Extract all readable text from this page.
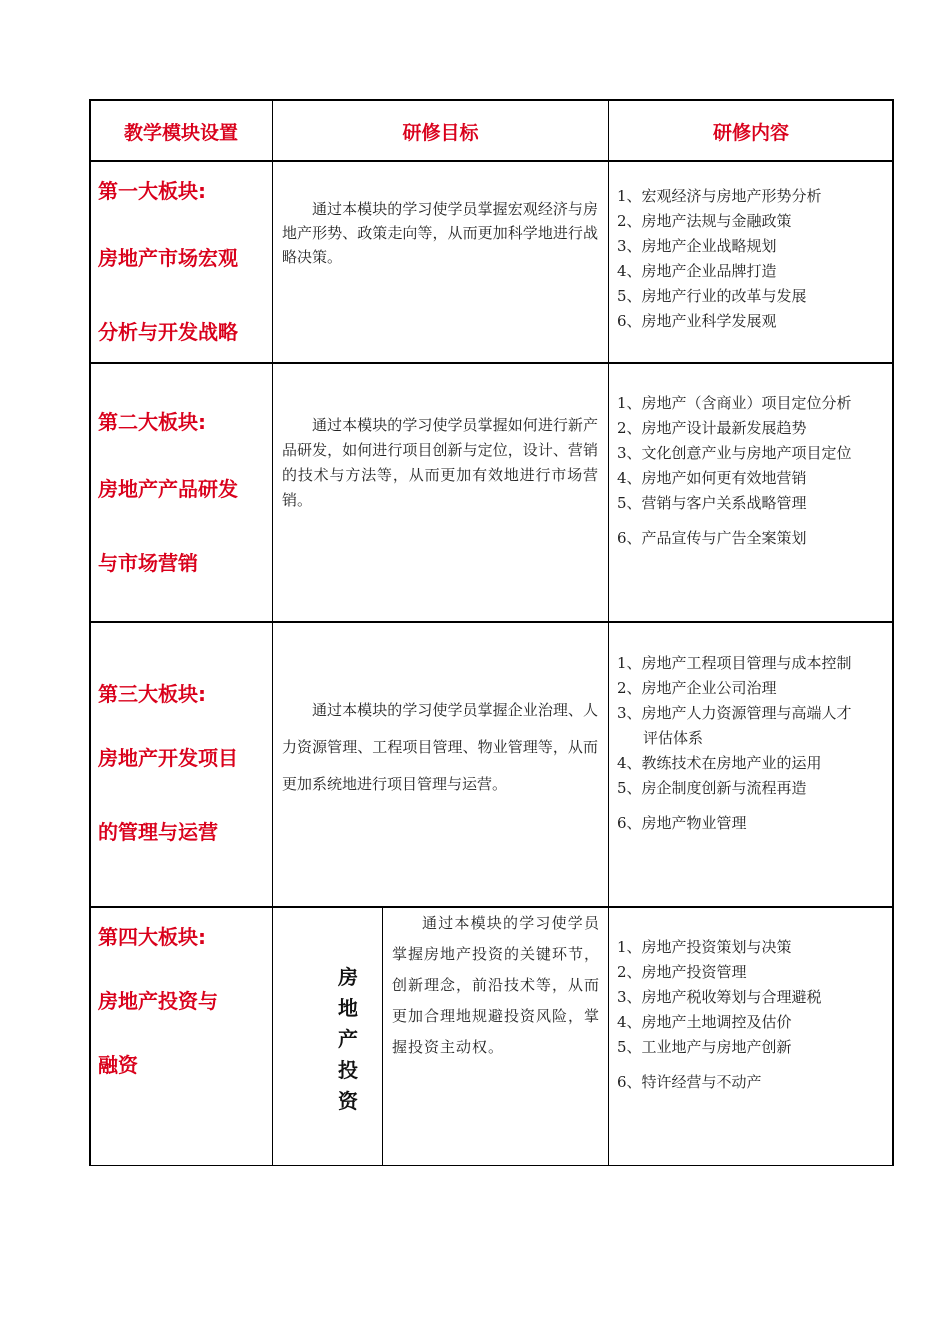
教学模块设置	研修目标	研修内容
第一大板块:
房地产市场宏观
分析与开发战略

通过本模块的学习使学员掌握宏观经济与房地产形势、政策走向等，从而更加科学地进行战略决策。

1、宏观经济与房地产形势分析
2、房地产法规与金融政策
3、房地产企业战略规划
4、房地产企业品牌打造
5、房地产行业的改革与发展
6、房地产业科学发展观
第二大板块:
房地产产品研发
与市场营销

通过本模块的学习使学员掌握如何进行新产品研发，如何进行项目创新与定位，设计、营销的技术与方法等，从而更加有效地进行市场营销。

1、房地产（含商业）项目定位分析
2、房地产设计最新发展趋势
3、文化创意产业与房地产项目定位
4、房地产如何更有效地营销
5、营销与客户关系战略管理
6、产品宣传与广告全案策划
第三大板块:
房地产开发项目
的管理与运营

通过本模块的学习使学员掌握企业治理、人力资源管理、工程项目管理、物业管理等，从而更加系统地进行项目管理与运营。

1、房地产工程项目管理与成本控制
2、房地产企业公司治理
3、房地产人力资源管理与高端人才
评估体系
4、教练技术在房地产业的运用
5、房企制度创新与流程再造
6、房地产物业管理
第四大板块:
房地产投资与
融资
房
地
产
投
资

通过本模块的学习使学员掌握房地产投资的关键环节，创新理念，前沿技术等，从而更加合理地规避投资风险，掌握投资主动权。

1、房地产投资策划与决策
2、房地产投资管理
3、房地产税收筹划与合理避税
4、房地产土地调控及估价
5、工业地产与房地产创新
6、特许经营与不动产
